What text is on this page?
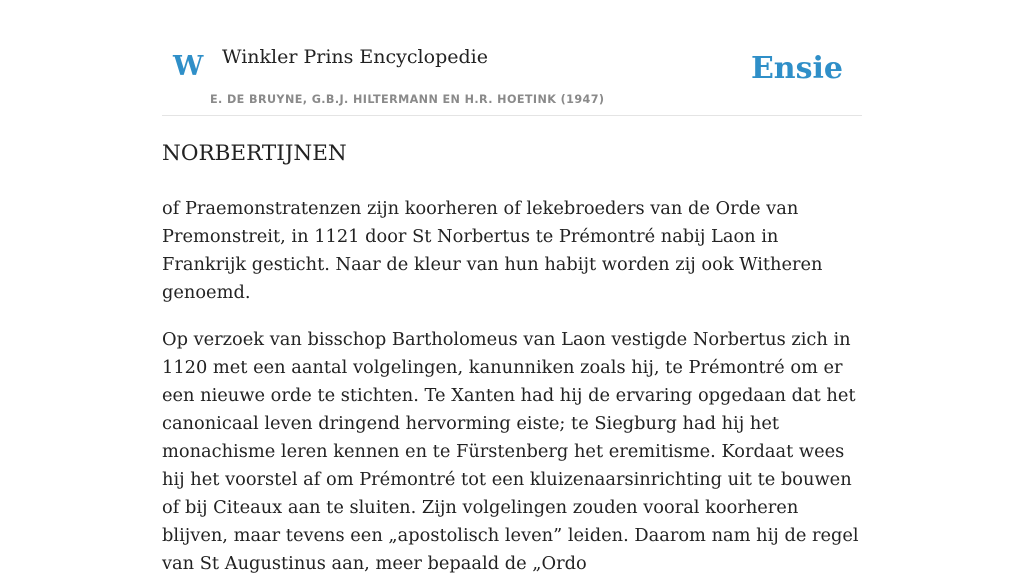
W Winkler Prins Encyclopedie
E. DE BRUYNE, G.B.J. HILTERMANN EN H.R. HOETINK (1947)
Ensie
NORBERTIJNEN

of Praemonstratenzen zijn koorheren of lekebroeders van de Orde van Premonstreit, in 1121 door St Norbertus te Prémontré nabij Laon in Frankrijk gesticht. Naar de kleur van hun habijt worden zij ook Witheren genoemd.

Op verzoek van bisschop Bartholomeus van Laon vestigde Norbertus zich in 1120 met een aantal volgelingen, kanunniken zoals hij, te Prémontré om er een nieuwe orde te stichten. Te Xanten had hij de ervaring opgedaan dat het canonicaal leven dringend hervorming eiste; te Siegburg had hij het monachisme leren kennen en te Fürstenberg het eremitisme. Kordaat wees hij het voorstel af om Prémontré tot een kluizenaarsinrichting uit te bouwen of bij Citeaux aan te sluiten. Zijn volgelingen zouden vooral koorheren blijven, maar tevens een „apostolisch leven” leiden. Daarom nam hij de regel van St Augustinus aan, meer bepaald de „Ordo
